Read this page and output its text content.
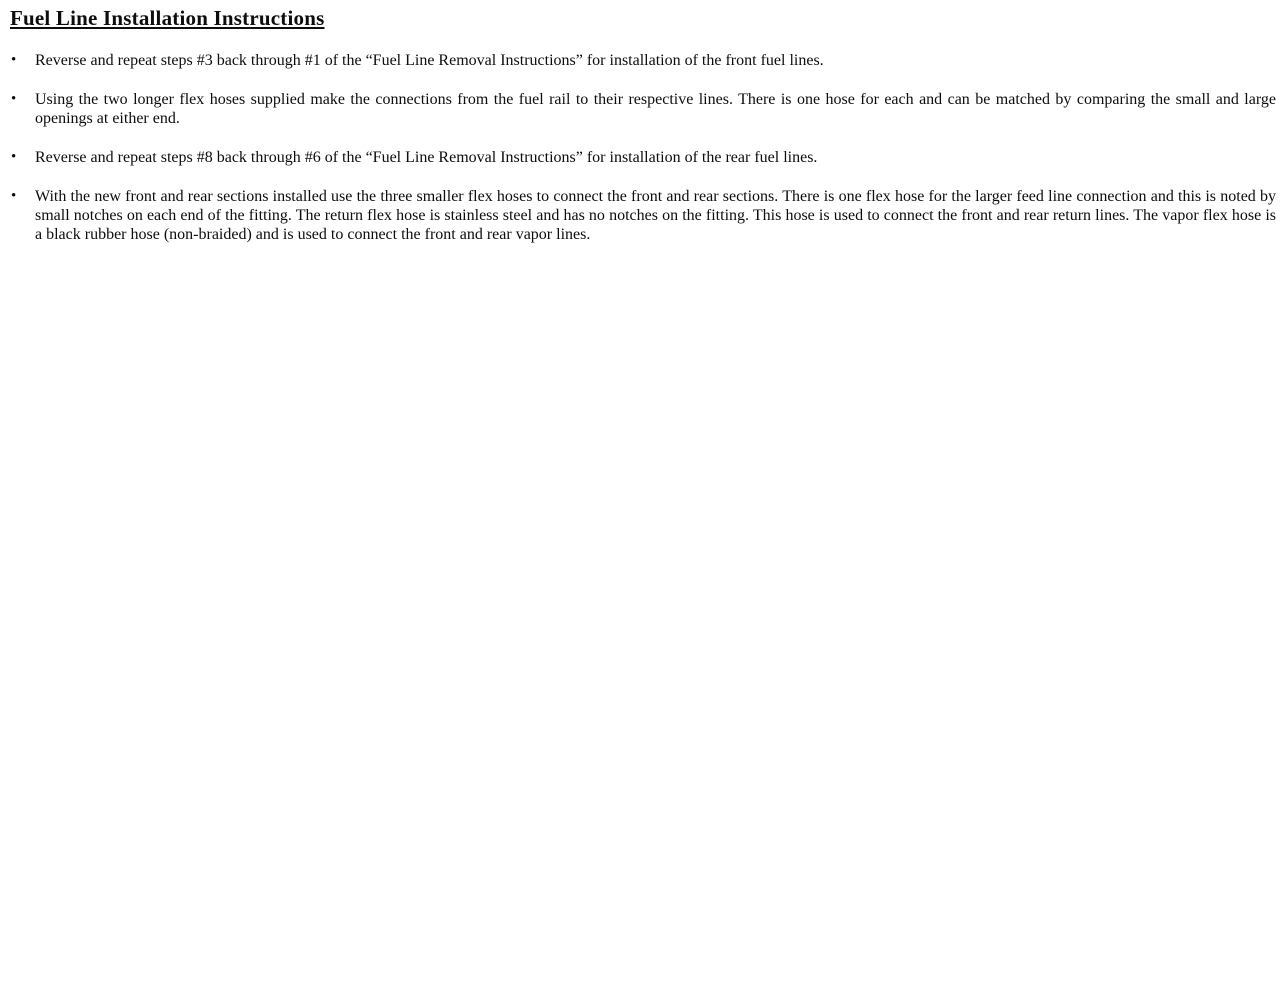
Fuel Line Installation Instructions
• Reverse and repeat steps #3 back through #1 of the “Fuel Line Removal Instructions” for installation of the front fuel lines.
• Using the two longer flex hoses supplied make the connections from the fuel rail to their respective lines. There is one hose for each and can be matched by comparing the small and large openings at either end.
• Reverse and repeat steps #8 back through #6 of the “Fuel Line Removal Instructions” for installation of the rear fuel lines.
• With the new front and rear sections installed use the three smaller flex hoses to connect the front and rear sections. There is one flex hose for the larger feed line connection and this is noted by small notches on each end of the fitting. The return flex hose is stainless steel and has no notches on the fitting. This hose is used to connect the front and rear return lines. The vapor flex hose is a black rubber hose (non-braided) and is used to connect the front and rear vapor lines.
